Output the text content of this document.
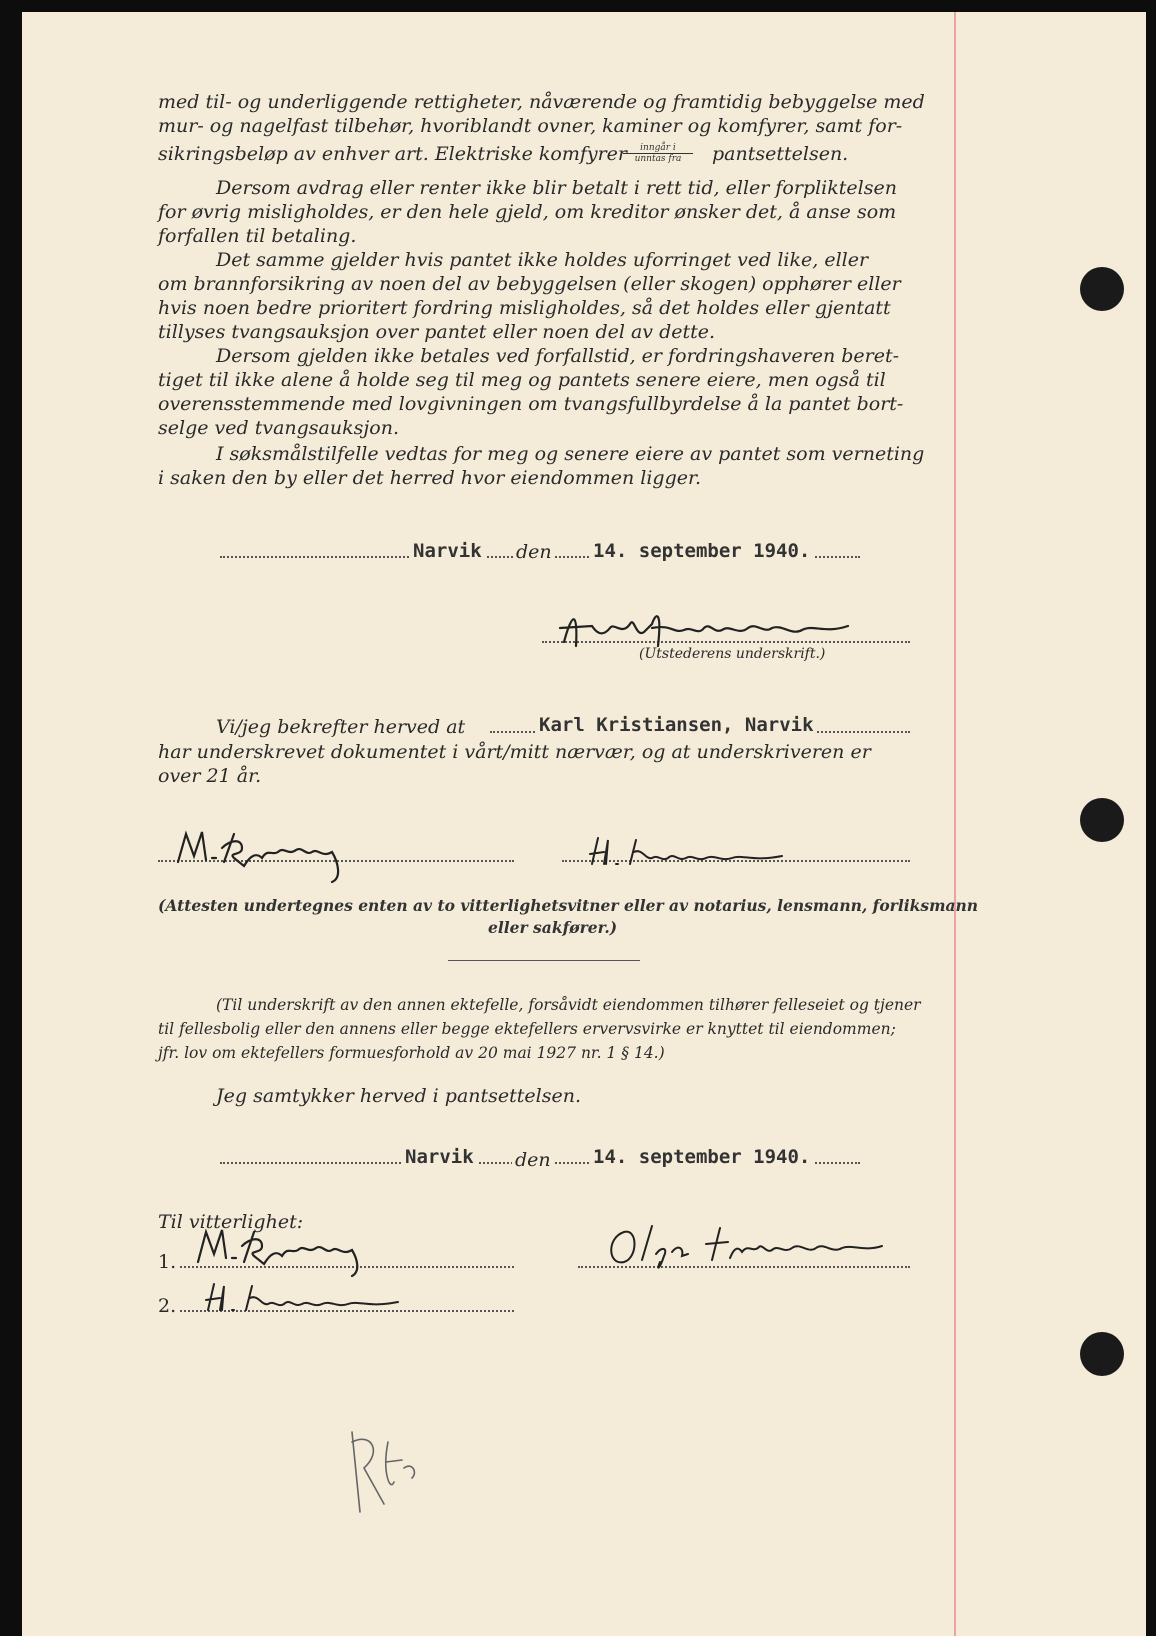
med til- og underliggende rettigheter, nåværende og framtidig bebyggelse med
mur- og nagelfast tilbehør, hvoriblandt ovner, kaminer og komfyrer, samt for-
sikringsbeløp av enhver art. Elektriske komfyrer	inngår i
unntas fra	pantsettelsen.
Dersom avdrag eller renter ikke blir betalt i rett tid, eller forpliktelsen
for øvrig misligholdes, er den hele gjeld, om kreditor ønsker det, å anse som
forfallen til betaling.
Det samme gjelder hvis pantet ikke holdes uforringet ved like, eller
om brannforsikring av noen del av bebyggelsen (eller skogen) opphører eller
hvis noen bedre prioritert fordring misligholdes, så det holdes eller gjentatt
tillyses tvangsauksjon over pantet eller noen del av dette.
Dersom gjelden ikke betales ved forfallstid, er fordringshaveren beret-
tiget til ikke alene å holde seg til meg og pantets senere eiere, men også til
overensstemmende med lovgivningen om tvangsfullbyrdelse å la pantet bort-
selge ved tvangsauksjon.
I søksmålstilfelle vedtas for meg og senere eiere av pantet som verneting
i saken den by eller det herred hvor eiendommen ligger.
Narvik den 14. september 1940.
(Utstederens underskrift.)
Vi/jeg bekrefter herved at	Karl Kristiansen, Narvik
har underskrevet dokumentet i vårt/mitt nærvær, og at underskriveren er
over 21 år.
(Attesten undertegnes enten av to vitterlighetsvitner eller av notarius, lensmann, forliksmann
eller sakfører.)
(Til underskrift av den annen ektefelle, forsåvidt eiendommen tilhører felleseiet og tjener
til fellesbolig eller den annens eller begge ektefellers ervervsvirke er knyttet til eiendommen;
jfr. lov om ektefellers formuesforhold av 20 mai 1927 nr. 1 § 14.)
Jeg samtykker herved i pantsettelsen.
Narvik den 14. september 1940.
Til vitterlighet:
1.
2.
